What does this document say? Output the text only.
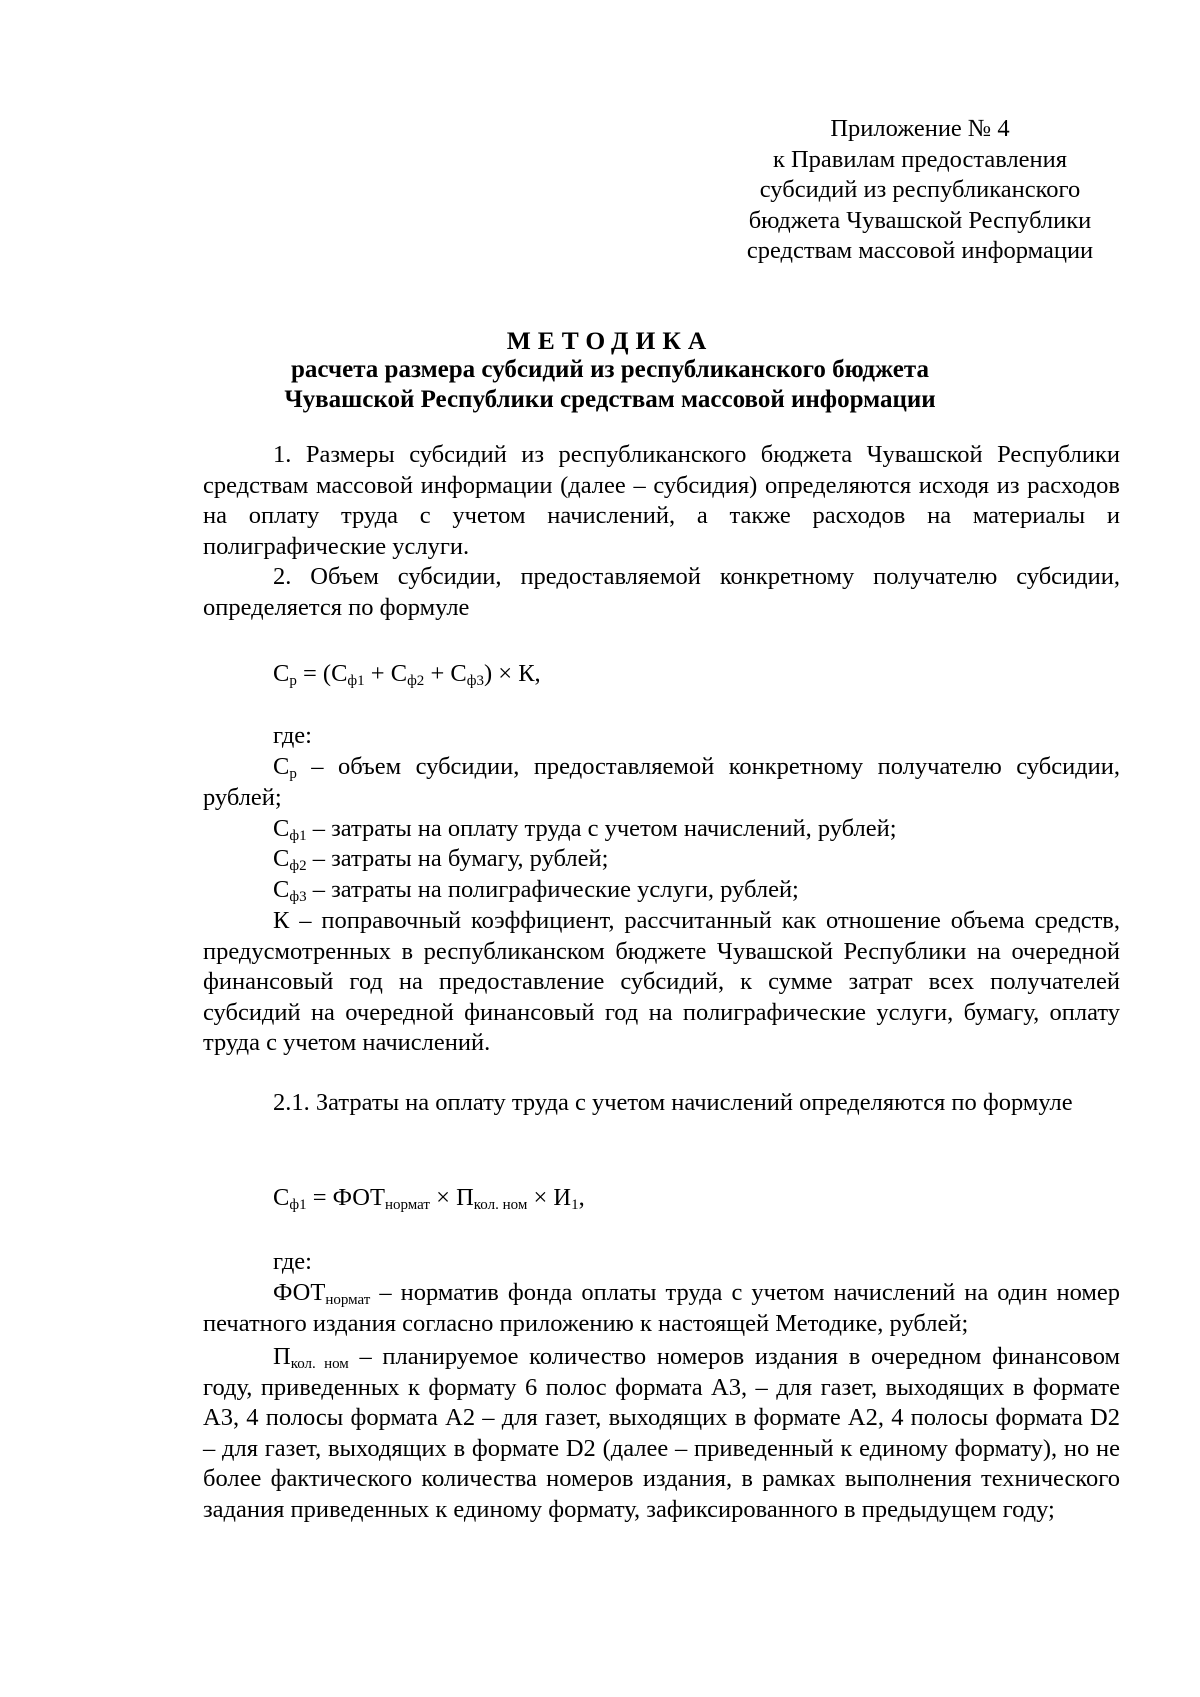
Приложение № 4
к Правилам предоставления
субсидий из республиканского
бюджета Чувашской Республики
средствам массовой информации
МЕТОДИКА
расчета размера субсидий из республиканского бюджета
Чувашской Республики средствам массовой информации
1. Размеры субсидий из республиканского бюджета Чувашской Республики средствам массовой информации (далее – субсидия) определяются исходя из расходов на оплату труда с учетом начислений, а также расходов на материалы и полиграфические услуги.
2. Объем субсидии, предоставляемой конкретному получателю субсидии, определяется по формуле
$С_р = (С_{ф1} + С_{ф2} + С_{ф3}) \times К$,
где:
$С_р$ – объем субсидии, предоставляемой конкретному получателю субсидии, рублей;
$С_{ф1}$ – затраты на оплату труда с учетом начислений, рублей;
$С_{ф2}$ – затраты на бумагу, рублей;
$С_{ф3}$ – затраты на полиграфические услуги, рублей;
К – поправочный коэффициент, рассчитанный как отношение объема средств, предусмотренных в республиканском бюджете Чувашской Республики на очередной финансовый год на предоставление субсидий, к сумме затрат всех получателей субсидий на очередной финансовый год на полиграфические услуги, бумагу, оплату труда с учетом начислений.
2.1. Затраты на оплату труда с учетом начислений определяются по формуле
$С_{ф1} = ФОТ_{нормат} \times П_{кол. ном} \times И_1$,
где:
$ФОТ_{нормат}$ – норматив фонда оплаты труда с учетом начислений на один номер печатного издания согласно приложению к настоящей Методике, рублей;
$П_{кол. ном}$ – планируемое количество номеров издания в очередном финансовом году, приведенных к формату 6 полос формата А3, – для газет, выходящих в формате А3, 4 полосы формата А2 – для газет, выходящих в формате А2, 4 полосы формата D2 – для газет, выходящих в формате D2 (далее – приведенный к единому формату), но не более фактического количества номеров издания, в рамках выполнения технического задания приведенных к единому формату, зафиксированного в предыдущем году;
